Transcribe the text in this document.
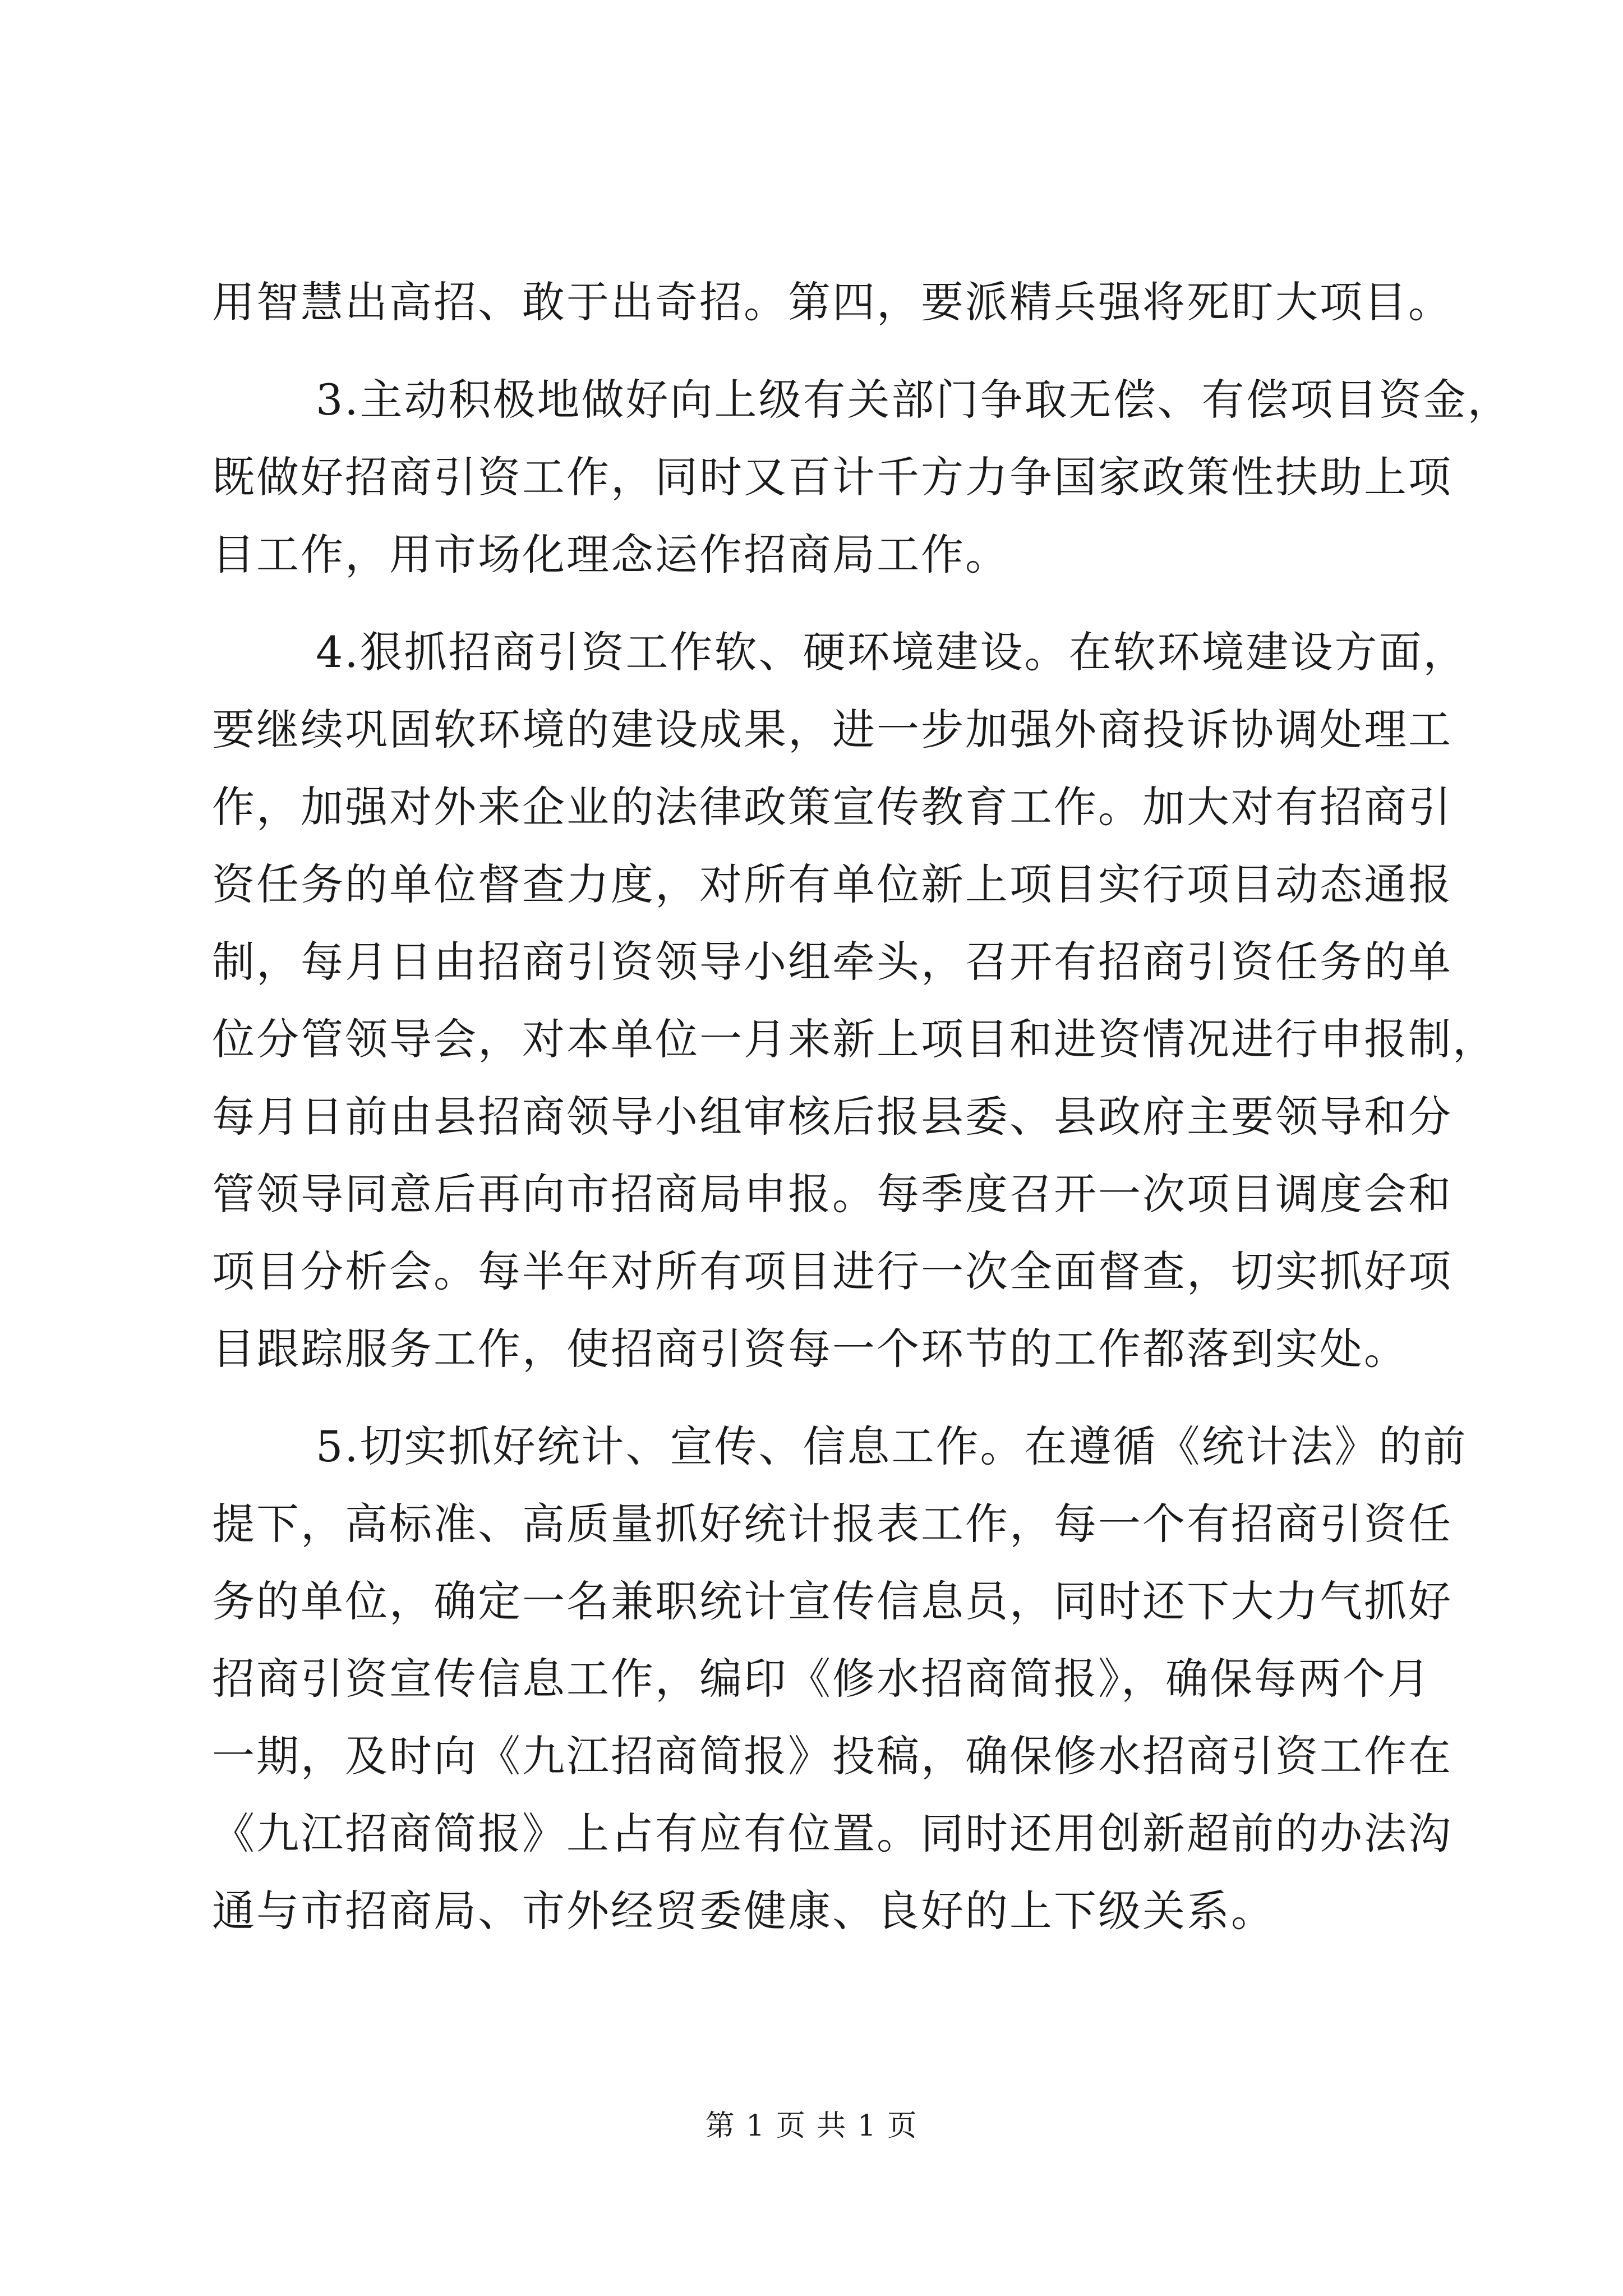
用智慧出高招、敢于出奇招。第四，要派精兵强将死盯大项目。
3.主动积极地做好向上级有关部门争取无偿、有偿项目资金，
既做好招商引资工作，同时又百计千方力争国家政策性扶助上项
目工作，用市场化理念运作招商局工作。
4.狠抓招商引资工作软、硬环境建设。在软环境建设方面，
要继续巩固软环境的建设成果，进一步加强外商投诉协调处理工
作，加强对外来企业的法律政策宣传教育工作。加大对有招商引
资任务的单位督查力度，对所有单位新上项目实行项目动态通报
制，每月日由招商引资领导小组牵头，召开有招商引资任务的单
位分管领导会，对本单位一月来新上项目和进资情况进行申报制，
每月日前由县招商领导小组审核后报县委、县政府主要领导和分
管领导同意后再向市招商局申报。每季度召开一次项目调度会和
项目分析会。每半年对所有项目进行一次全面督查，切实抓好项
目跟踪服务工作，使招商引资每一个环节的工作都落到实处。
5.切实抓好统计、宣传、信息工作。在遵循《统计法》的前
提下，高标准、高质量抓好统计报表工作，每一个有招商引资任
务的单位，确定一名兼职统计宣传信息员，同时还下大力气抓好
招商引资宣传信息工作，编印《修水招商简报》，确保每两个月
一期，及时向《九江招商简报》投稿，确保修水招商引资工作在
《九江招商简报》上占有应有位置。同时还用创新超前的办法沟
通与市招商局、市外经贸委健康、良好的上下级关系。
第 1 页 共 1 页
